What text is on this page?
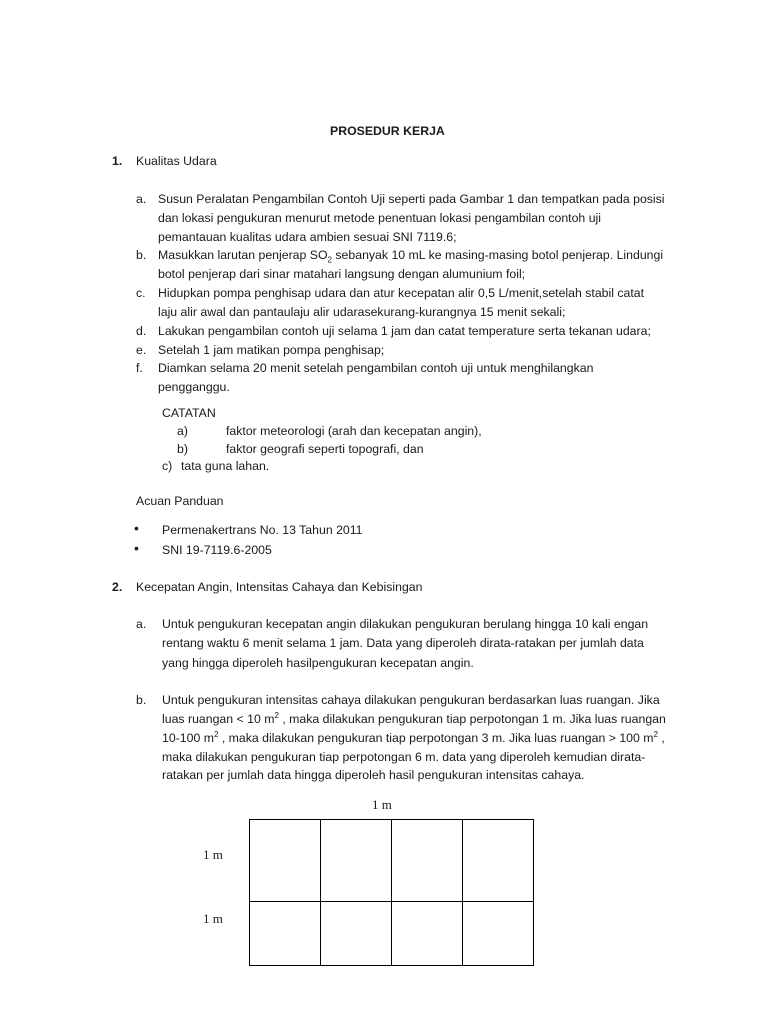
PROSEDUR KERJA
1. Kualitas Udara
a. Susun Peralatan Pengambilan Contoh Uji seperti pada Gambar 1 dan tempatkan pada posisi
dan lokasi pengukuran menurut metode penentuan lokasi pengambilan contoh uji
pemantauan kualitas udara ambien sesuai SNI 7119.6;
b. Masukkan larutan penjerap $SO_2$ sebanyak 10 mL ke masing-masing botol penjerap. Lindungi
botol penjerap dari sinar matahari langsung dengan alumunium foil;
c. Hidupkan pompa penghisap udara dan atur kecepatan alir 0,5 L/menit,setelah stabil catat
laju alir awal dan pantaulaju alir udarasekurang-kurangnya 15 menit sekali;
d. Lakukan pengambilan contoh uji selama 1 jam dan catat temperature serta tekanan udara;
e. Setelah 1 jam matikan pompa penghisap;
f. Diamkan selama 20 menit setelah pengambilan contoh uji untuk menghilangkan
pengganggu.
CATATAN
a)	faktor meteorologi (arah dan kecepatan angin),
b)	faktor geografi seperti topografi, dan
c) tata guna lahan.
Acuan Panduan
• Permenakertrans No. 13 Tahun 2011
• SNI 19-7119.6-2005
2. Kecepatan Angin, Intensitas Cahaya dan Kebisingan
a. Untuk pengukuran kecepatan angin dilakukan pengukuran berulang hingga 10 kali engan
rentang waktu 6 menit selama 1 jam. Data yang diperoleh dirata-ratakan per jumlah data
yang hingga diperoleh hasilpengukuran kecepatan angin.
b. Untuk pengukuran intensitas cahaya dilakukan pengukuran berdasarkan luas ruangan. Jika
luas ruangan < 10 $m^2$ , maka dilakukan pengukuran tiap perpotongan 1 m. Jika luas ruangan
10-100 $m^2$ , maka dilakukan pengukuran tiap perpotongan 3 m. Jika luas ruangan > 100 $m^2$ ,
maka dilakukan pengukuran tiap perpotongan 6 m. data yang diperoleh kemudian dirata-
ratakan per jumlah data hingga diperoleh hasil pengukuran intensitas cahaya.
1 m
1 m
1 m
